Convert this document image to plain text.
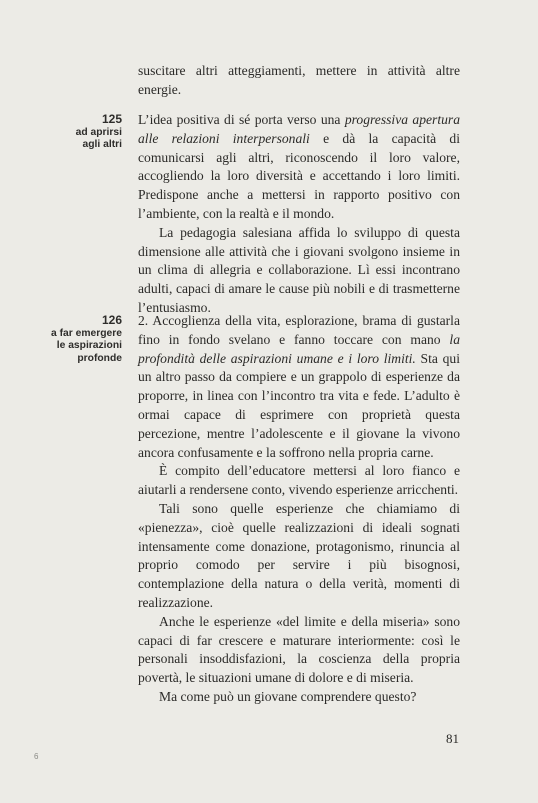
suscitare altri atteggiamenti, mettere in attività altre energie.

125
ad aprirsi
agli altri

L’idea positiva di sé porta verso una progressiva apertura alle relazioni interpersonali e dà la capacità di comunicarsi agli altri, riconoscendo il loro valore, accogliendo la loro diversità e accettando i loro limiti. Predispone anche a mettersi in rapporto positivo con l’ambiente, con la realtà e il mondo.

La pedagogia salesiana affida lo sviluppo di questa dimensione alle attività che i giovani svolgono insieme in un clima di allegria e collaborazione. Lì essi incontrano adulti, capaci di amare le cause più nobili e di trasmetterne l’entusiasmo.

126
a far emergere
le aspirazioni
profonde

2. Accoglienza della vita, esplorazione, brama di gustarla fino in fondo svelano e fanno toccare con mano la profondità delle aspirazioni umane e i loro limiti. Sta qui un altro passo da compiere e un grappolo di esperienze da proporre, in linea con l’incontro tra vita e fede. L’adulto è ormai capace di esprimere con proprietà questa percezione, mentre l’adolescente e il giovane la vivono ancora confusamente e la soffrono nella propria carne.

È compito dell’educatore mettersi al loro fianco e aiutarli a rendersene conto, vivendo esperienze arricchenti.

Tali sono quelle esperienze che chiamiamo di «pienezza», cioè quelle realizzazioni di ideali sognati intensamente come donazione, protagonismo, rinuncia al proprio comodo per servire i più bisognosi, contemplazione della natura o della verità, momenti di realizzazione.

Anche le esperienze «del limite e della miseria» sono capaci di far crescere e maturare interiormente: così le personali insoddisfazioni, la coscienza della propria povertà, le situazioni umane di dolore e di miseria.

Ma come può un giovane comprendere questo?

81
6
